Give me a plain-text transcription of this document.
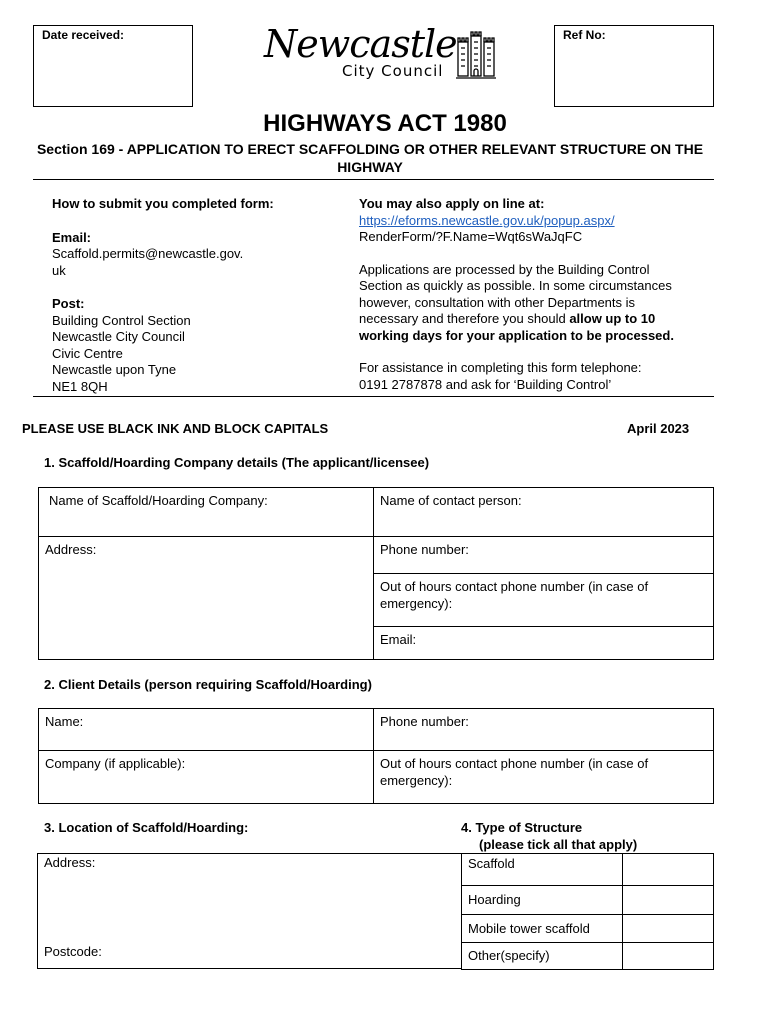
Date received:	Ref No:
Newcastle
City Council
HIGHWAYS ACT 1980
Section 169 - APPLICATION TO ERECT SCAFFOLDING OR OTHER RELEVANT STRUCTURE ON THE HIGHWAY
How to submit you completed form:
Email:
Scaffold.permits@newcastle.gov.
uk
Post:
Building Control Section
Newcastle City Council
Civic Centre
Newcastle upon Tyne
NE1 8QH
You may also apply on line at:
https://eforms.newcastle.gov.uk/popup.aspx/
RenderForm/?F.Name=Wqt6sWaJqFC
Applications are processed by the Building Control
Section as quickly as possible. In some circumstances
however, consultation with other Departments is
necessary and therefore you should allow up to 10
working days for your application to be processed.
For assistance in completing this form telephone:
0191 2787878 and ask for ‘Building Control’
PLEASE USE BLACK INK AND BLOCK CAPITALS	April 2023
1. Scaffold/Hoarding Company details (The applicant/licensee)
Name of Scaffold/Hoarding Company:	Name of contact person:
Address:	Phone number:
	Out of hours contact phone number (in case of emergency):
	Email:
2. Client Details (person requiring Scaffold/Hoarding)
Name:	Phone number:
Company (if applicable):	Out of hours contact phone number (in case of emergency):
3. Location of Scaffold/Hoarding:	4. Type of Structure
(please tick all that apply)
Address:
Postcode:
Scaffold	
Hoarding	
Mobile tower scaffold	
Other(specify)	
